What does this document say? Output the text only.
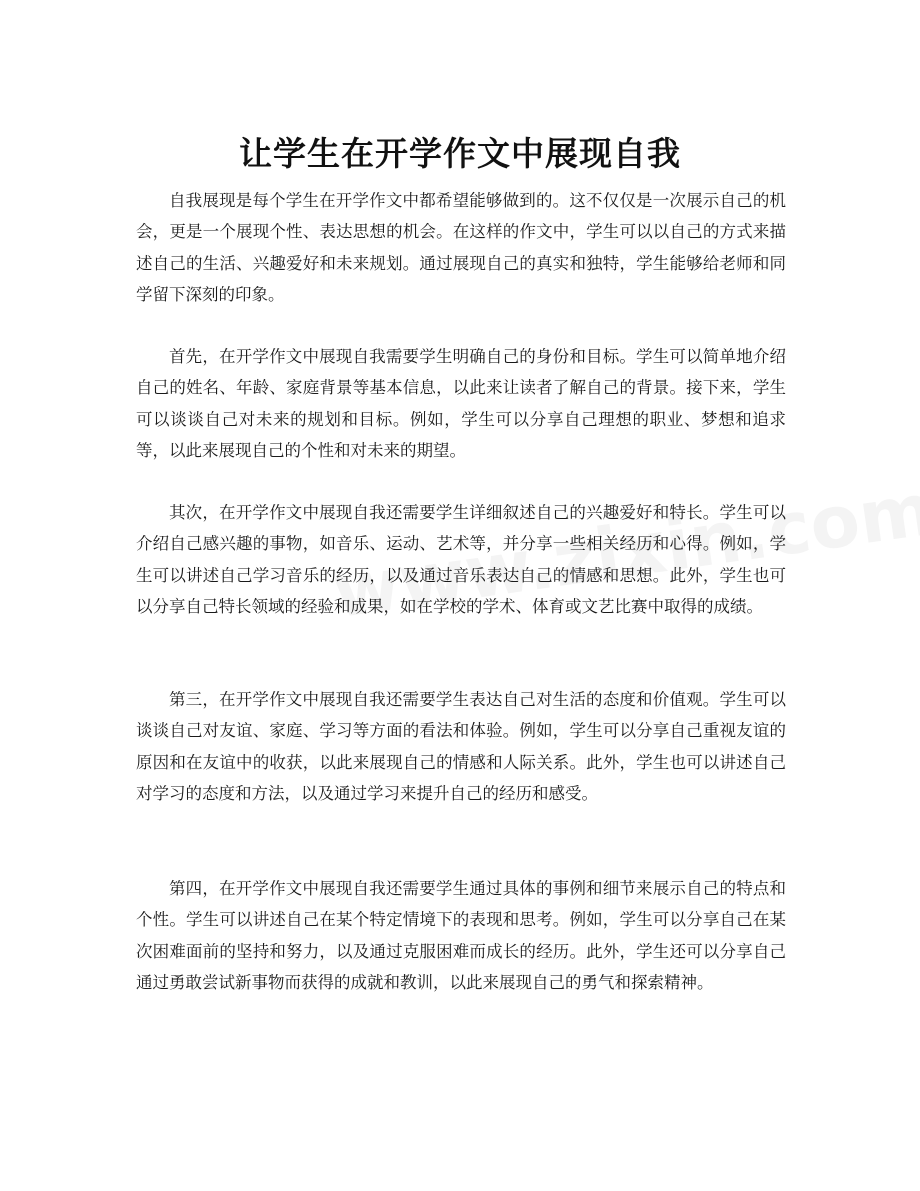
让学生在开学作文中展现自我

自我展现是每个学生在开学作文中都希望能够做到的。这不仅仅是一次展示自己的机会，更是一个展现个性、表达思想的机会。在这样的作文中，学生可以以自己的方式来描述自己的生活、兴趣爱好和未来规划。通过展现自己的真实和独特，学生能够给老师和同学留下深刻的印象。

首先，在开学作文中展现自我需要学生明确自己的身份和目标。学生可以简单地介绍自己的姓名、年龄、家庭背景等基本信息，以此来让读者了解自己的背景。接下来，学生可以谈谈自己对未来的规划和目标。例如，学生可以分享自己理想的职业、梦想和追求等，以此来展现自己的个性和对未来的期望。

其次，在开学作文中展现自我还需要学生详细叙述自己的兴趣爱好和特长。学生可以介绍自己感兴趣的事物，如音乐、运动、艺术等，并分享一些相关经历和心得。例如，学生可以讲述自己学习音乐的经历，以及通过音乐表达自己的情感和思想。此外，学生也可以分享自己特长领域的经验和成果，如在学校的学术、体育或文艺比赛中取得的成绩。

第三，在开学作文中展现自我还需要学生表达自己对生活的态度和价值观。学生可以谈谈自己对友谊、家庭、学习等方面的看法和体验。例如，学生可以分享自己重视友谊的原因和在友谊中的收获，以此来展现自己的情感和人际关系。此外，学生也可以讲述自己对学习的态度和方法，以及通过学习来提升自己的经历和感受。

第四，在开学作文中展现自我还需要学生通过具体的事例和细节来展示自己的特点和个性。学生可以讲述自己在某个特定情境下的表现和思考。例如，学生可以分享自己在某次困难面前的坚持和努力，以及通过克服困难而成长的经历。此外，学生还可以分享自己通过勇敢尝试新事物而获得的成就和教训，以此来展现自己的勇气和探索精神。
